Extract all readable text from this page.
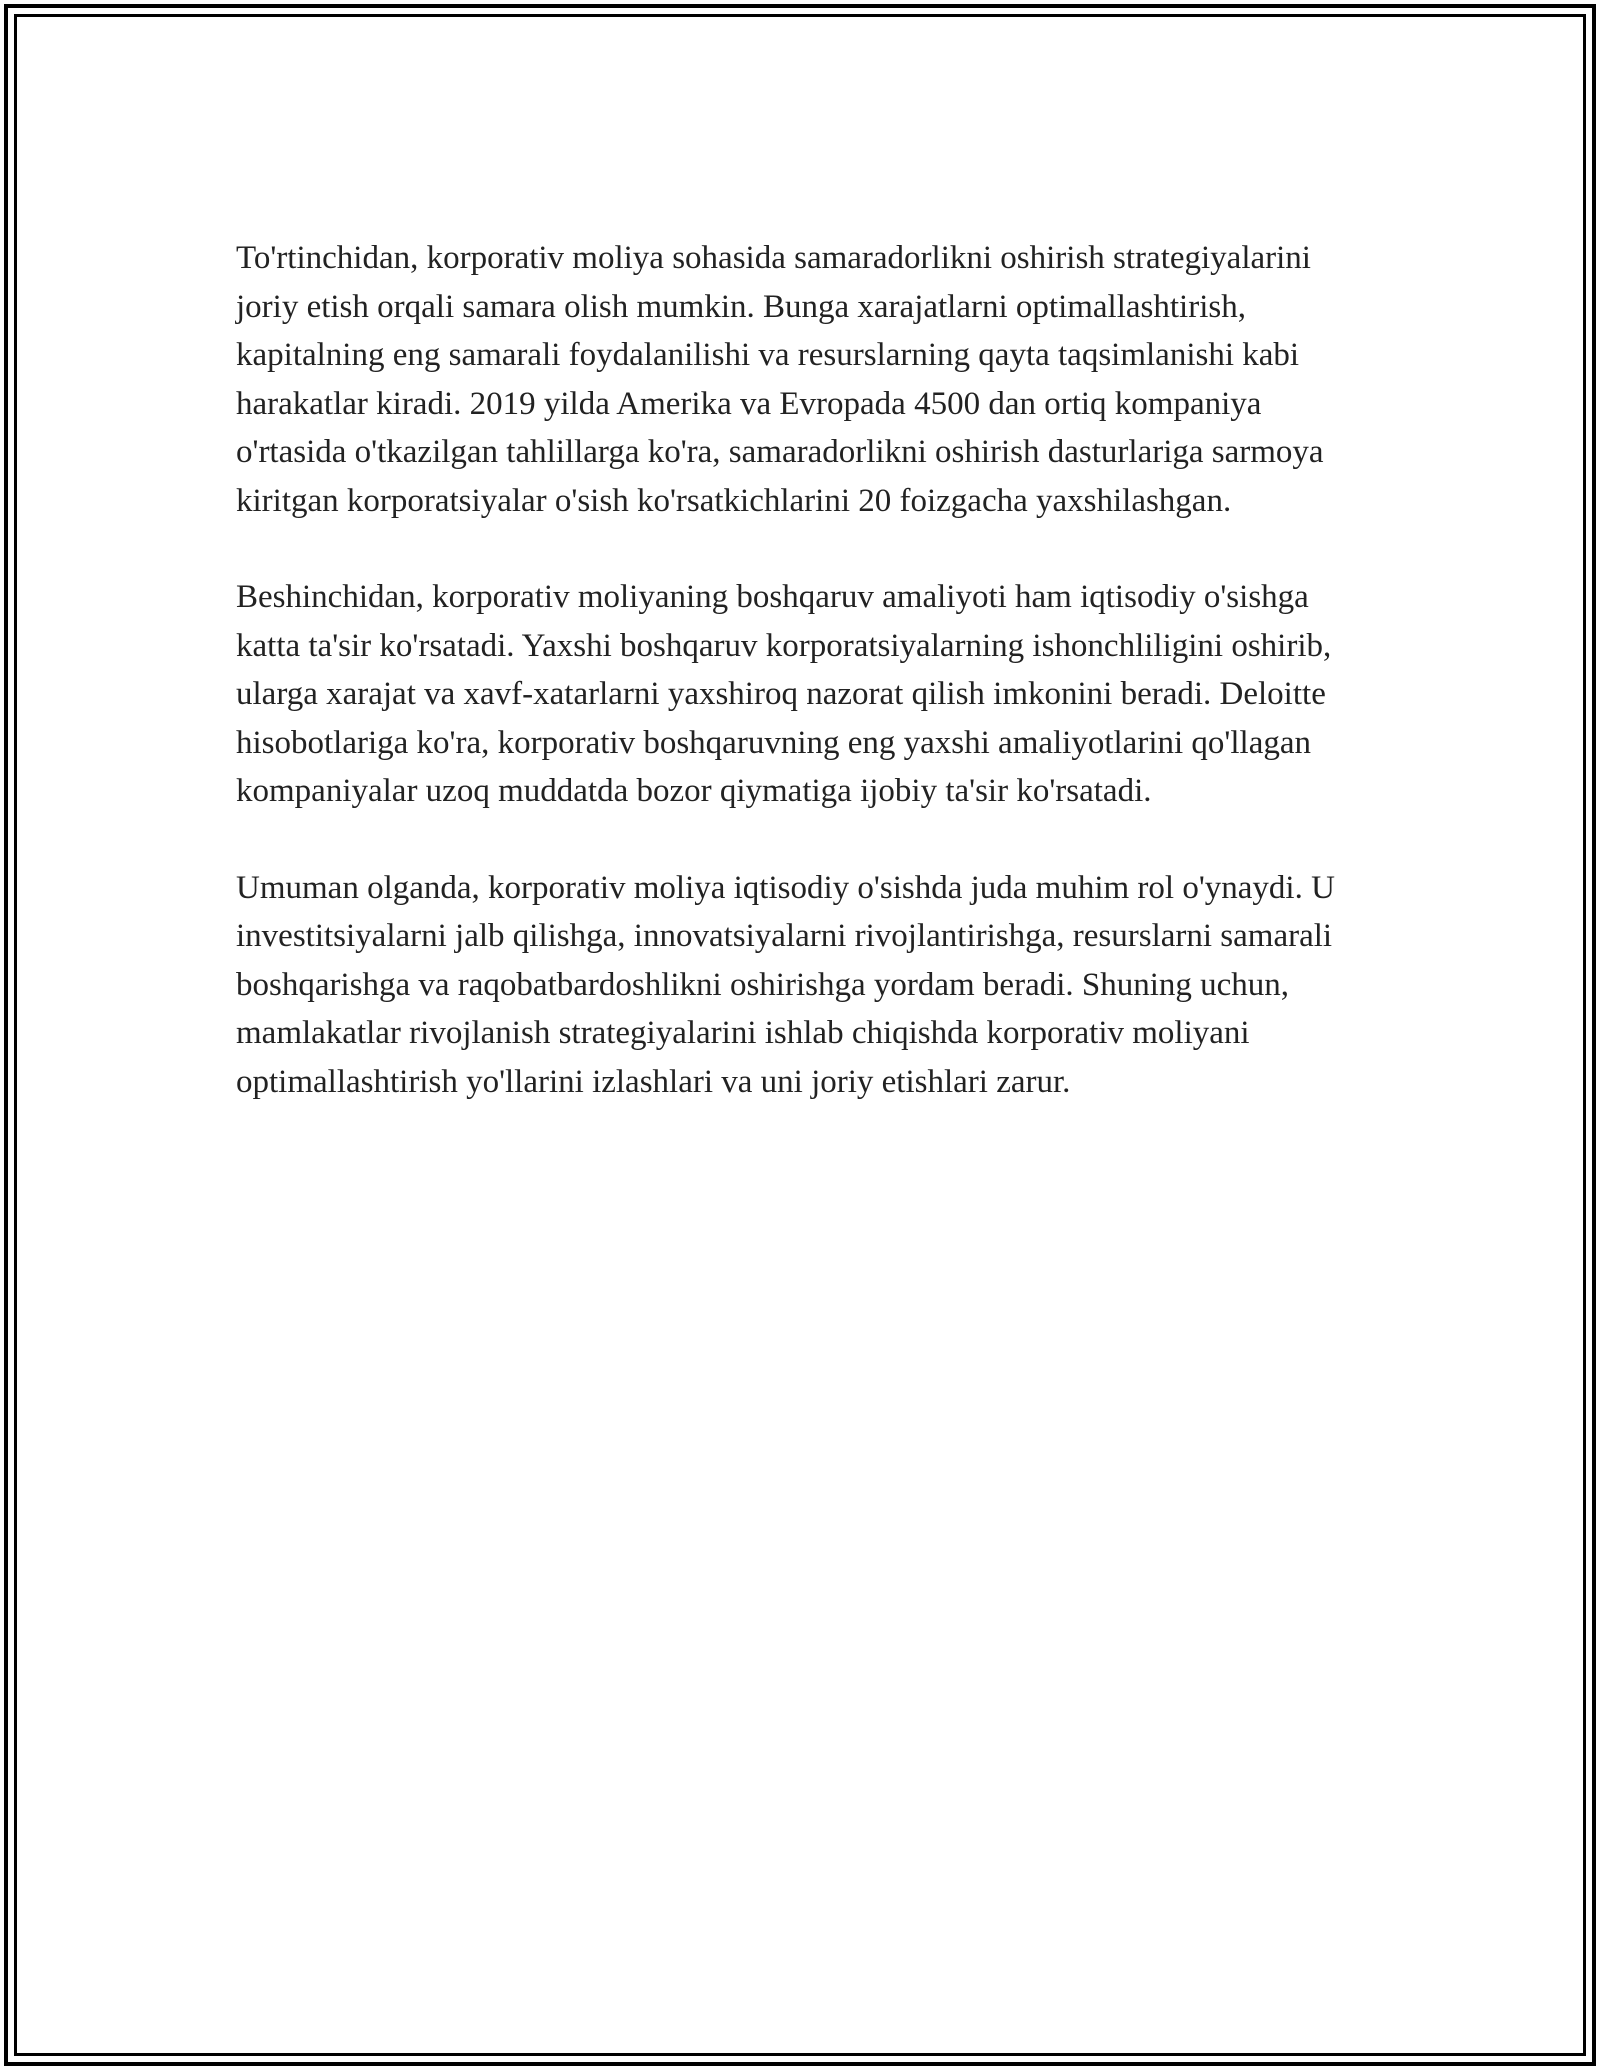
To'rtinchidan, korporativ moliya sohasida samaradorlikni oshirish strategiyalarini joriy etish orqali samara olish mumkin. Bunga xarajatlarni optimallashtirish, kapitalning eng samarali foydalanilishi va resurslarning qayta taqsimlanishi kabi harakatlar kiradi. 2019 yilda Amerika va Evropada 4500 dan ortiq kompaniya o'rtasida o'tkazilgan tahlillarga ko'ra, samaradorlikni oshirish dasturlariga sarmoya kiritgan korporatsiyalar o'sish ko'rsatkichlarini 20 foizgacha yaxshilashgan.

Beshinchidan, korporativ moliyaning boshqaruv amaliyoti ham iqtisodiy o'sishga katta ta'sir ko'rsatadi. Yaxshi boshqaruv korporatsiyalarning ishonchliligini oshirib, ularga xarajat va xavf-xatarlarni yaxshiroq nazorat qilish imkonini beradi. Deloitte hisobotlariga ko'ra, korporativ boshqaruvning eng yaxshi amaliyotlarini qo'llagan kompaniyalar uzoq muddatda bozor qiymatiga ijobiy ta'sir ko'rsatadi.

Umuman olganda, korporativ moliya iqtisodiy o'sishda juda muhim rol o'ynaydi. U investitsiyalarni jalb qilishga, innovatsiyalarni rivojlantirishga, resurslarni samarali boshqarishga va raqobatbardoshlikni oshirishga yordam beradi. Shuning uchun, mamlakatlar rivojlanish strategiyalarini ishlab chiqishda korporativ moliyani optimallashtirish yo'llarini izlashlari va uni joriy etishlari zarur.
